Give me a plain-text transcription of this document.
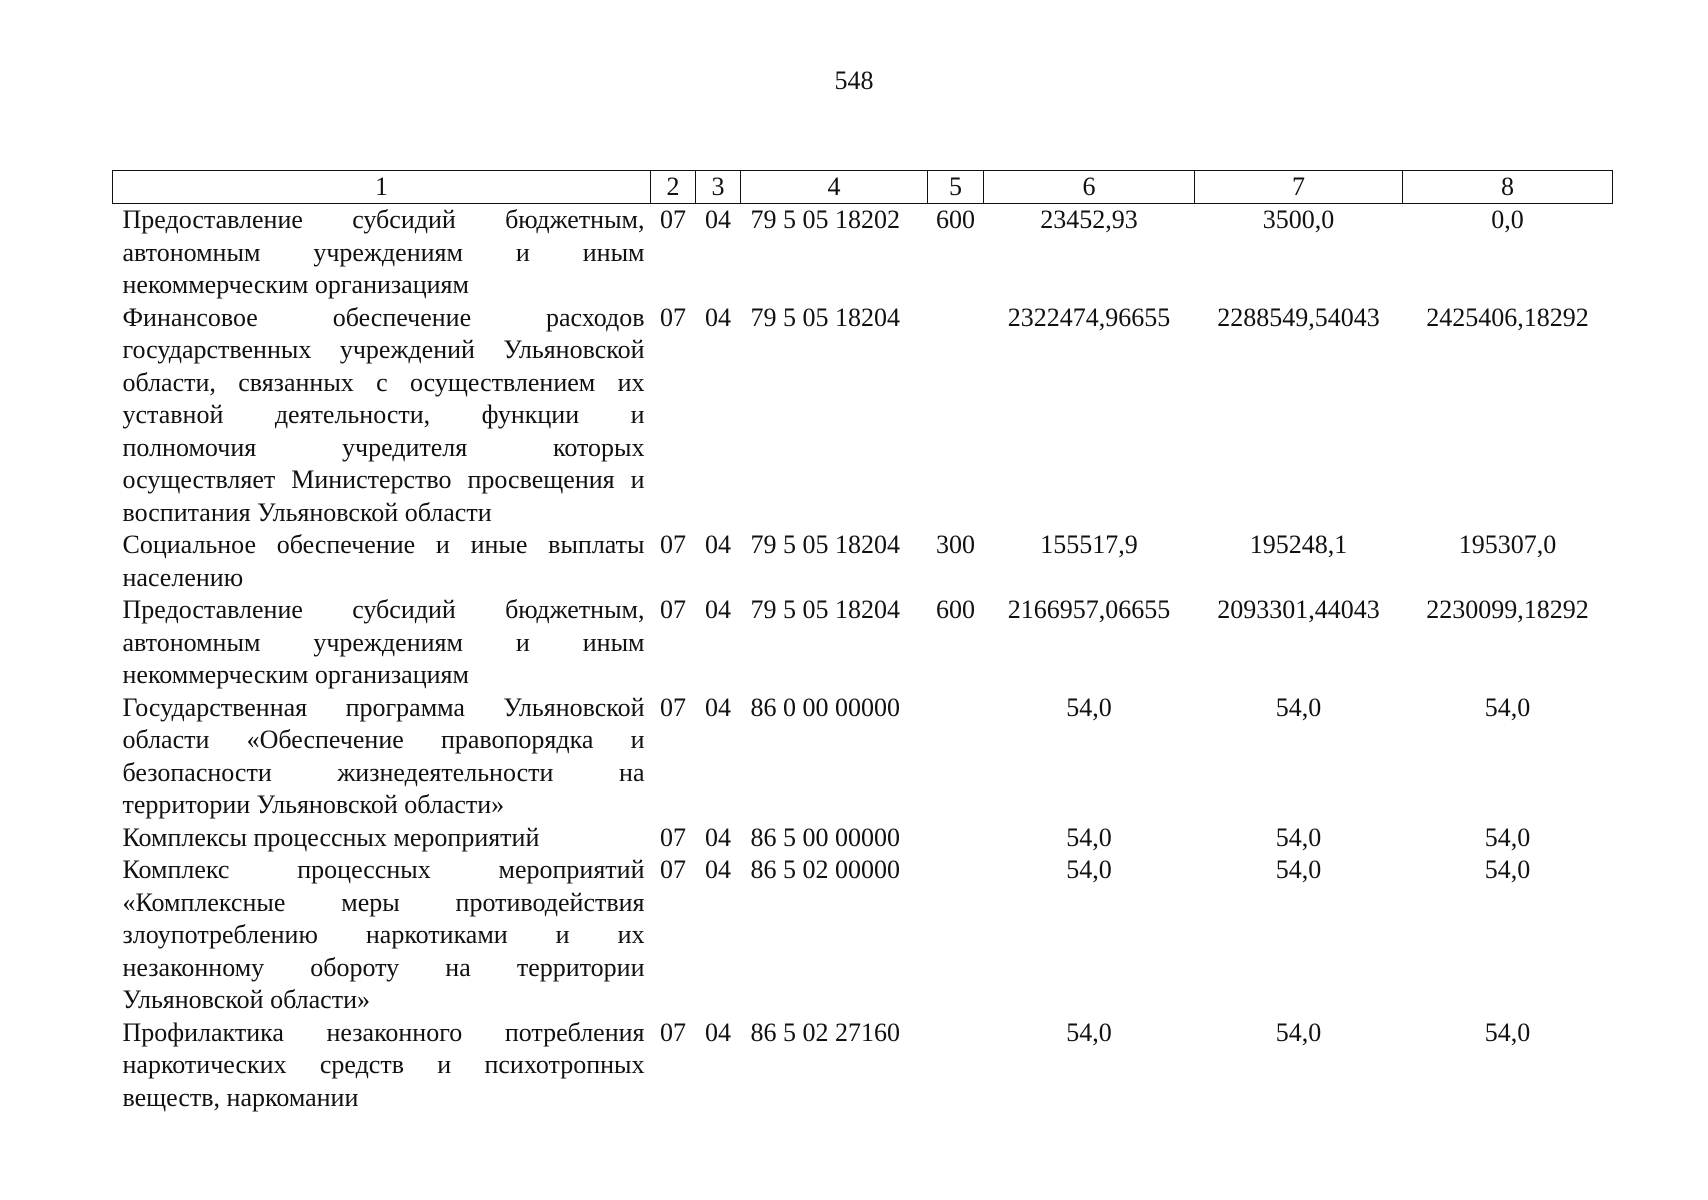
548
1	2	3	4	5	6	7	8
Предоставление субсидий бюджетным, автономным учреждениям и иным некоммерческим организациям	07	04	79 5 05 18202	600	23452,93	3500,0	0,0
Финансовое обеспечение расходов государственных учреждений Ульяновской области, связанных с осуществлением их уставной деятельности, функции и полномочия учредителя которых осуществляет Министерство просвещения и воспитания Ульяновской области	07	04	79 5 05 18204		2322474,96655	2288549,54043	2425406,18292
Социальное обеспечение и иные выплаты населению	07	04	79 5 05 18204	300	155517,9	195248,1	195307,0
Предоставление субсидий бюджетным, автономным учреждениям и иным некоммерческим организациям	07	04	79 5 05 18204	600	2166957,06655	2093301,44043	2230099,18292
Государственная программа Ульяновской области «Обеспечение правопорядка и безопасности жизнедеятельности на территории Ульяновской области»	07	04	86 0 00 00000		54,0	54,0	54,0
Комплексы процессных мероприятий	07	04	86 5 00 00000		54,0	54,0	54,0
Комплекс процессных мероприятий «Комплексные меры противодействия злоупотреблению наркотиками и их незаконному обороту на территории Ульяновской области»	07	04	86 5 02 00000		54,0	54,0	54,0
Профилактика незаконного потребления наркотических средств и психотропных веществ, наркомании	07	04	86 5 02 27160		54,0	54,0	54,0
